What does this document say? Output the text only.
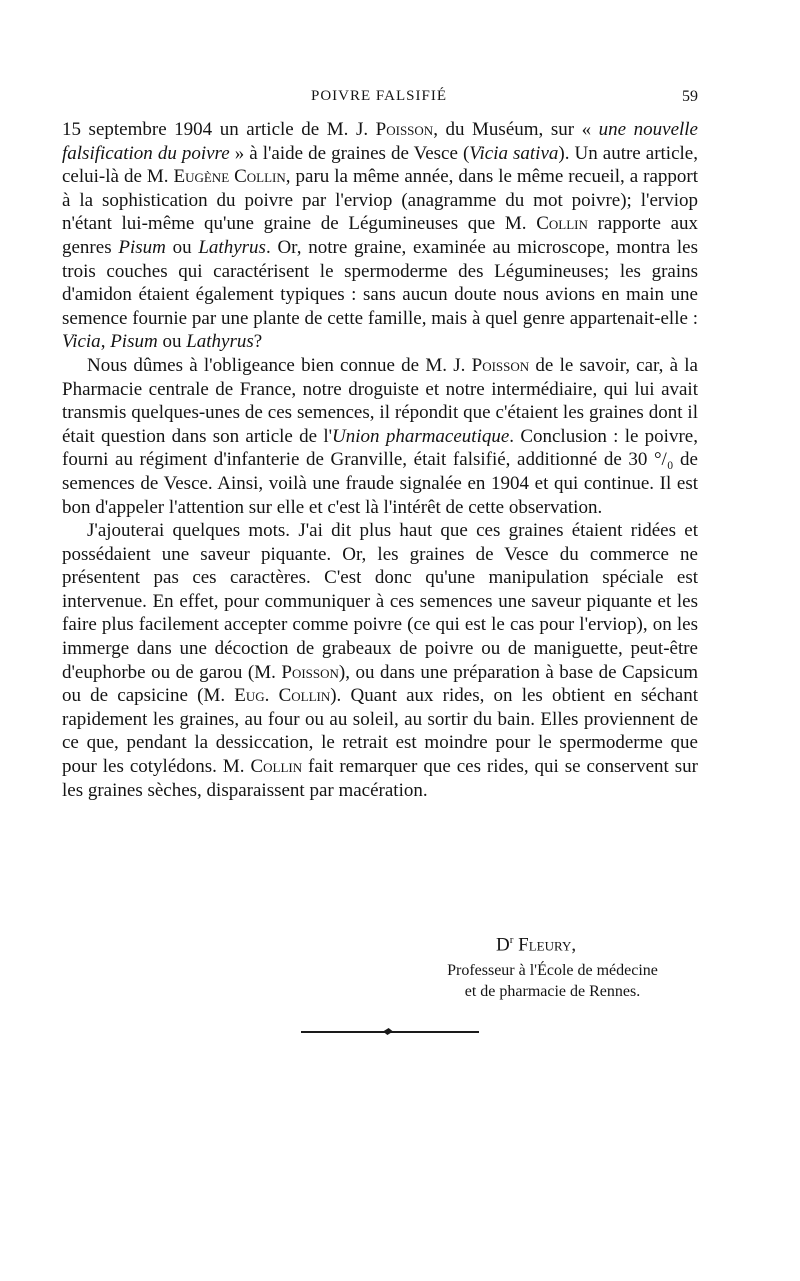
POIVRE FALSIFIÉ	59

15 septembre 1904 un article de M. J. Poisson, du Muséum, sur « une nouvelle falsification du poivre » à l'aide de graines de Vesce (Vicia sativa). Un autre article, celui-là de M. Eugène Collin, paru la même année, dans le même recueil, a rapport à la sophistication du poivre par l'erviop (anagramme du mot poivre); l'erviop n'étant lui-même qu'une graine de Légumineuses que M. Collin rapporte aux genres Pisum ou Lathyrus. Or, notre graine, examinée au microscope, montra les trois couches qui caractérisent le spermoderme des Légumineuses; les grains d'amidon étaient également typiques : sans aucun doute nous avions en main une semence fournie par une plante de cette famille, mais à quel genre appartenait-elle : Vicia, Pisum ou Lathyrus?

Nous dûmes à l'obligeance bien connue de M. J. Poisson de le savoir, car, à la Pharmacie centrale de France, notre droguiste et notre intermédiaire, qui lui avait transmis quelques-unes de ces semences, il répondit que c'étaient les graines dont il était question dans son article de l'Union pharmaceutique. Conclusion : le poivre, fourni au régiment d'infanterie de Granville, était falsifié, additionné de 30 °/₀ de semences de Vesce. Ainsi, voilà une fraude signalée en 1904 et qui continue. Il est bon d'appeler l'attention sur elle et c'est là l'intérêt de cette observation.

J'ajouterai quelques mots. J'ai dit plus haut que ces graines étaient ridées et possédaient une saveur piquante. Or, les graines de Vesce du commerce ne présentent pas ces caractères. C'est donc qu'une manipulation spéciale est intervenue. En effet, pour communiquer à ces semences une saveur piquante et les faire plus facilement accepter comme poivre (ce qui est le cas pour l'erviop), on les immerge dans une décoction de grabeaux de poivre ou de maniguette, peut-être d'euphorbe ou de garou (M. Poisson), ou dans une préparation à base de Capsicum ou de capsicine (M. Eug. Collin). Quant aux rides, on les obtient en séchant rapidement les graines, au four ou au soleil, au sortir du bain. Elles proviennent de ce que, pendant la dessiccation, le retrait est moindre pour le spermoderme que pour les cotylédons. M. Collin fait remarquer que ces rides, qui se conservent sur les graines sèches, disparaissent par macération.

$D^r$ Fleury,
Professeur à l'École de médecine
et de pharmacie de Rennes.
